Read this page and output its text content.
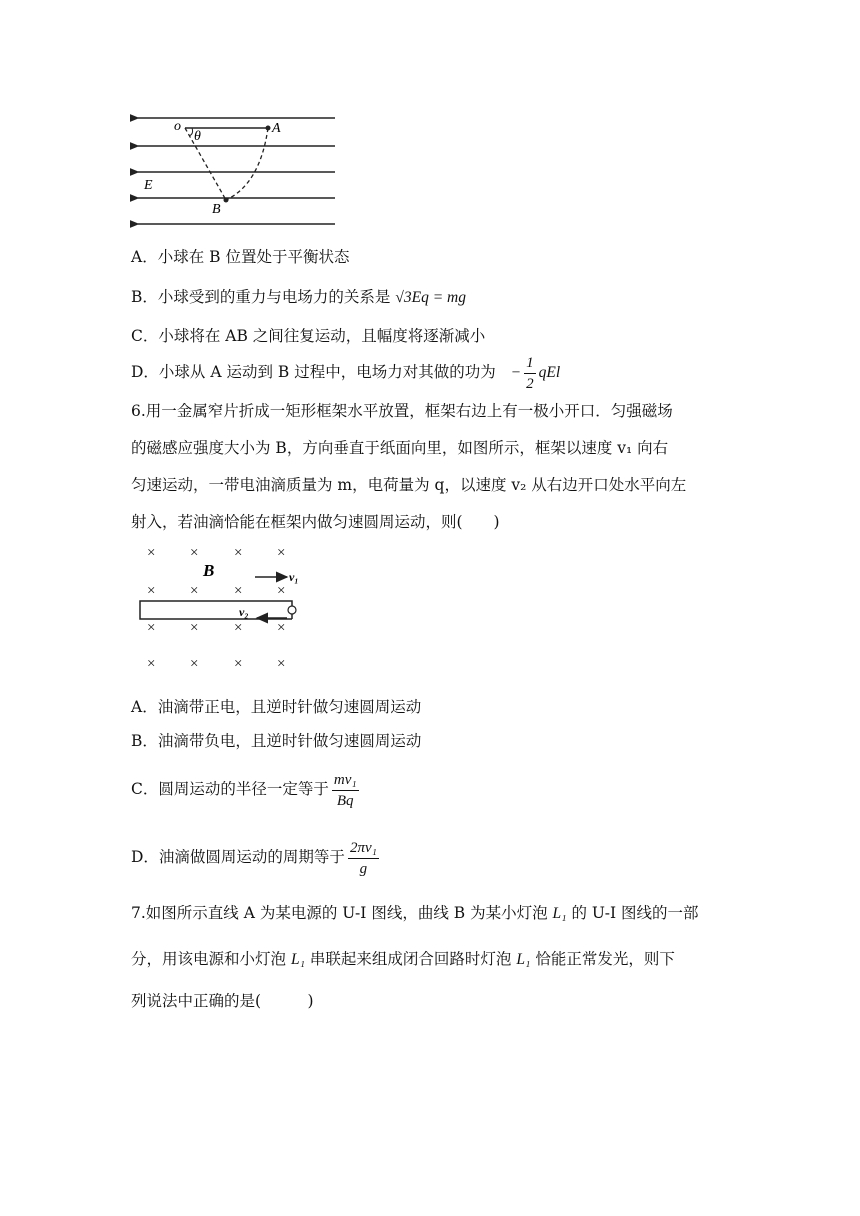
o
θ
A
E
B
A．小球在 B 位置处于平衡状态
B．小球受到的重力与电场力的关系是 √3Eq = mg
C．小球将在 AB 之间往复运动，且幅度将逐渐减小
D．小球从 A 运动到 B 过程中，电场力对其做的功为 − $\frac{1}{2}$ qEl
6.用一金属窄片折成一矩形框架水平放置，框架右边上有一极小开口．匀强磁场
的磁感应强度大小为 B，方向垂直于纸面向里，如图所示，框架以速度 v₁ 向右
匀速运动，一带电油滴质量为 m，电荷量为 q，以速度 v₂ 从右边开口处水平向左
射入，若油滴恰能在框架内做匀速圆周运动，则(　　)
× × × ×
× × × ×
× × × ×
× × × ×
B	v₁
v₂
A．油滴带正电，且逆时针做匀速圆周运动
B．油滴带负电，且逆时针做匀速圆周运动
C．圆周运动的半径一定等于 $\frac{\text{mv₁}}{Bq}$
D．油滴做圆周运动的周期等于 $\frac{\text{2πv₁}}{g}$
7.如图所示直线 A 为某电源的 U-I 图线，曲线 B 为某小灯泡 L₁ 的 U-I 图线的一部
分，用该电源和小灯泡 L₁ 串联起来组成闭合回路时灯泡 L₁ 恰能正常发光，则下
列说法中正确的是(　　　)
